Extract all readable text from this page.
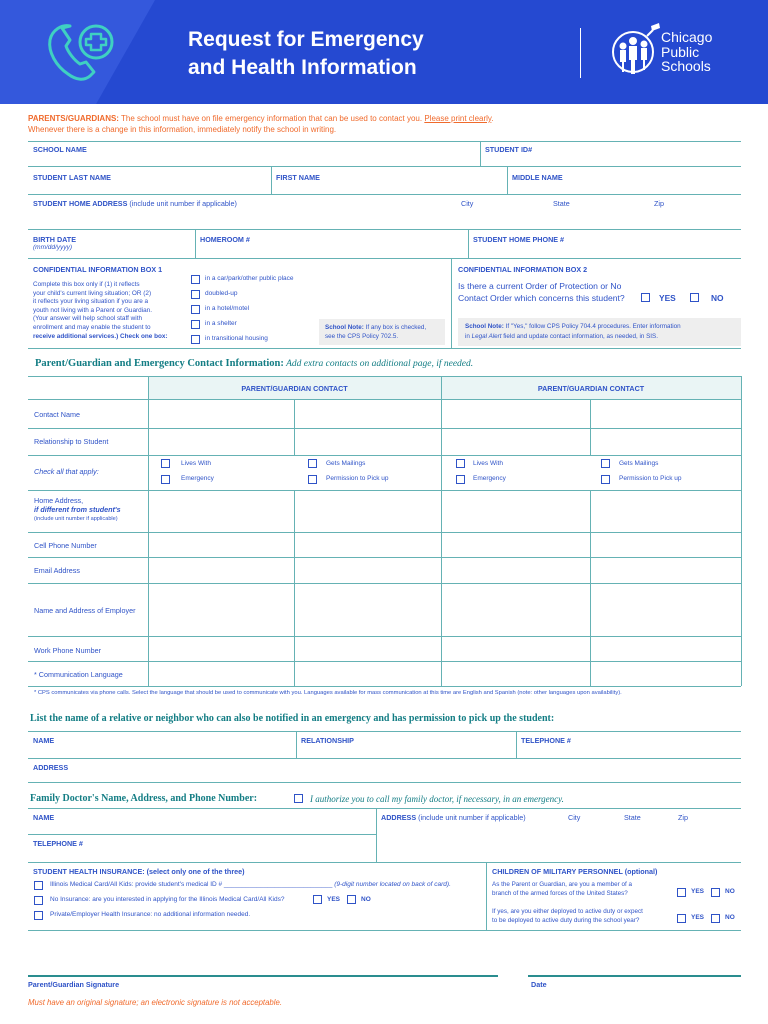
Request for Emergency
and Health Information
Chicago
Public
Schools
PARENTS/GUARDIANS: The school must have on file emergency information that can be used to contact you. Please print clearly.
Whenever there is a change in this information, immediately notify the school in writing.
SCHOOL NAME	STUDENT ID#
STUDENT LAST NAME	FIRST NAME	MIDDLE NAME
STUDENT HOME ADDRESS (include unit number if applicable)	City	State	Zip
BIRTH DATE
(mm/dd/yyyy)
HOMEROOM #	STUDENT HOME PHONE #
CONFIDENTIAL INFORMATION BOX 1
Complete this box only if (1) it reflects
your child's current living situation; OR (2)
it reflects your living situation if you are a
youth not living with a Parent or Guardian.
(Your answer will help school staff with
enrollment and may enable the student to
receive additional services.) Check one box:
in a car/park/other public place
doubled-up
in a hotel/motel
in a shelter
in transitional housing
School Note: If any box is checked,
see the CPS Policy 702.5.
CONFIDENTIAL INFORMATION BOX 2
Is there a current Order of Protection or No
Contact Order which concerns this student?	YES	NO
School Note: If "Yes," follow CPS Policy 704.4 procedures. Enter information
in Legal Alert field and update contact information, as needed, in SIS.
Parent/Guardian and Emergency Contact Information: Add extra contacts on additional page, if needed.
PARENT/GUARDIAN CONTACT	PARENT/GUARDIAN CONTACT
Contact Name
Relationship to Student
Check all that apply:
Lives With	Gets Mailings
Emergency	Permission to Pick up
Lives With	Gets Mailings
Emergency	Permission to Pick up
Home Address,
if different from student's
(include unit number if applicable)
Cell Phone Number
Email Address
Name and Address of Employer
Work Phone Number
* Communication Language
* CPS communicates via phone calls. Select the language that should be used to communicate with you. Languages available for mass communication at this time are English and Spanish (note: other languages upon availability).
List the name of a relative or neighbor who can also be notified in an emergency and has permission to pick up the student:
NAME	RELATIONSHIP	TELEPHONE #
ADDRESS
Family Doctor's Name, Address, and Phone Number:	I authorize you to call my family doctor, if necessary, in an emergency.
NAME	ADDRESS (include unit number if applicable)	City	State	Zip
TELEPHONE #
STUDENT HEALTH INSURANCE: (select only one of the three)
Illinois Medical Card/All Kids: provide student's medical ID # ______________________________ (9-digit number located on back of card).
No Insurance: are you interested in applying for the Illinois Medical Card/All Kids?	YES	NO
Private/Employer Health Insurance: no additional information needed.
CHILDREN OF MILITARY PERSONNEL (optional)
As the Parent or Guardian, are you a member of a
branch of the armed forces of the United States?	YES	NO
If yes, are you either deployed to active duty or expect
to be deployed to active duty during the school year?	YES	NO
Parent/Guardian Signature	Date
Must have an original signature; an electronic signature is not acceptable.
